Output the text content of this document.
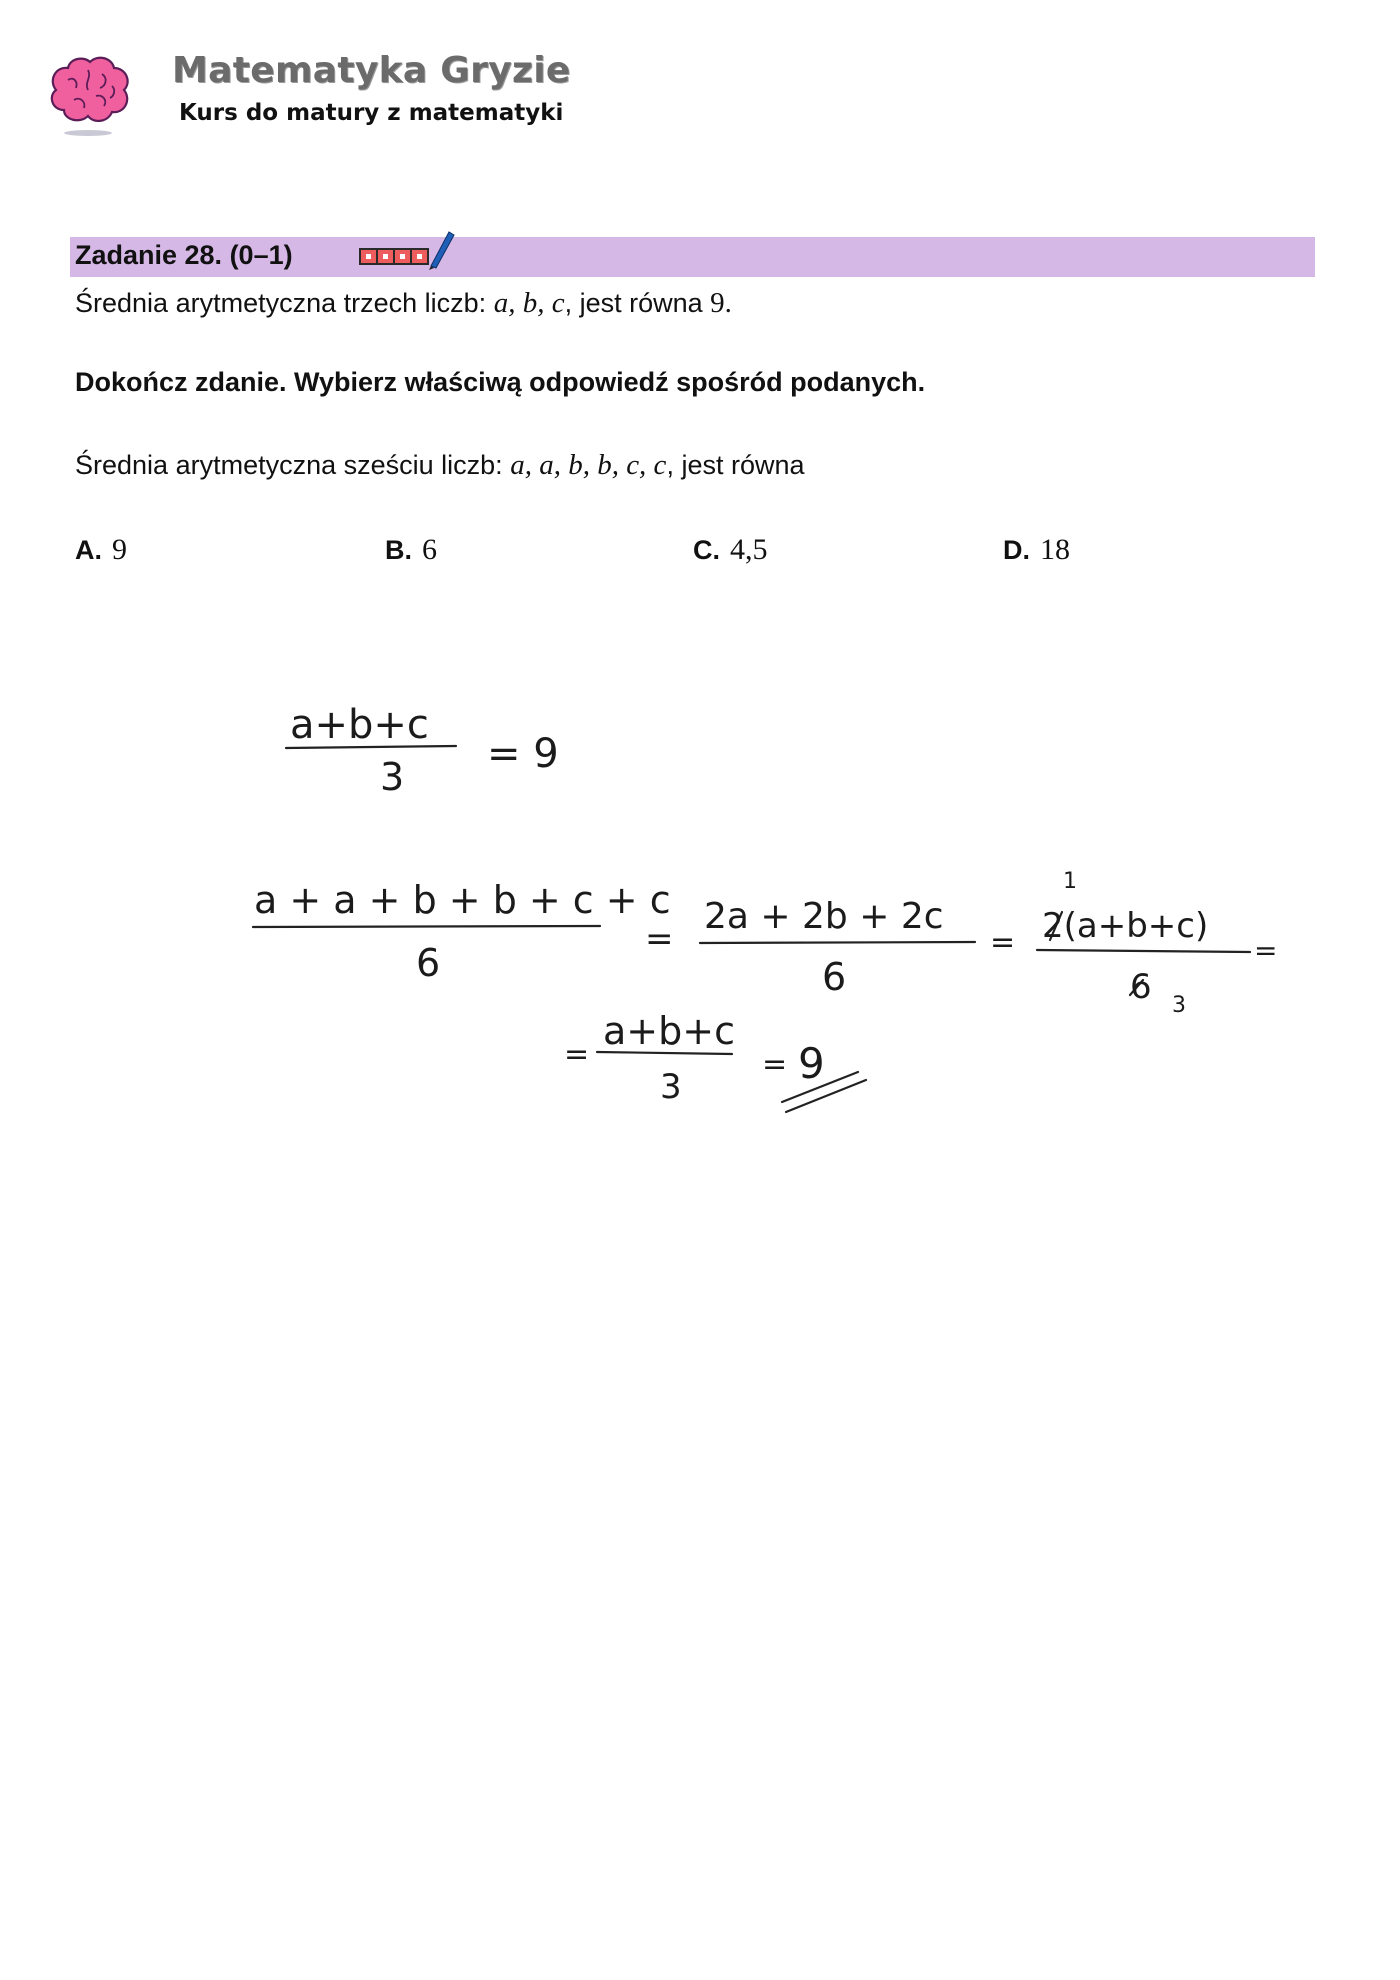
Matematyka Gryzie
Kurs do matury z matematyki
Zadanie 28. (0–1)
Średnia arytmetyczna trzech liczb: a, b, c, jest równa 9.
Dokończ zdanie. Wybierz właściwą odpowiedź spośród podanych.
Średnia arytmetyczna sześciu liczb: a, a, b, b, c, c, jest równa
A. 9	B. 6	C. 4,5	D. 18
a+b+c
3 = 9
a + a + b + b + c + c
6
=
2a + 2b + 2c
6
= 2(a+b+c)
1
6 3
=
=
a+b+c
3
= 9
